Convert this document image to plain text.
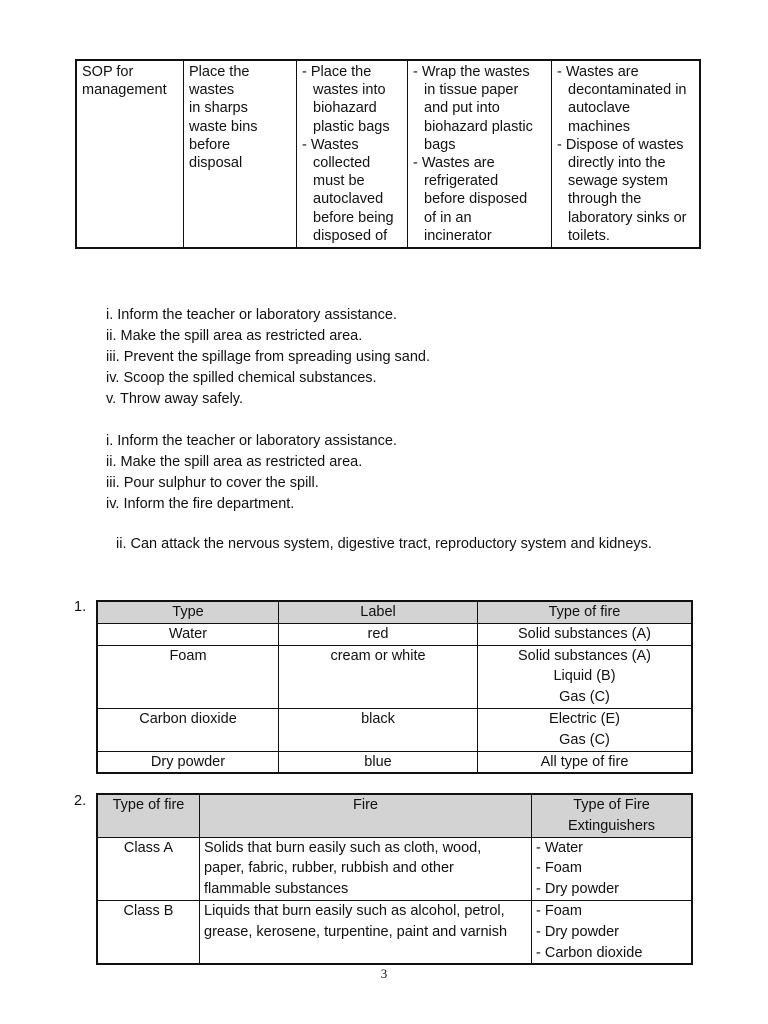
SOP for
management

Place the
wastes
in sharps
waste bins
before
disposal

- Place the
wastes into
biohazard
plastic bags
- Wastes
collected
must be
autoclaved
before being
disposed of

- Wrap the wastes
in tissue paper
and put into
biohazard plastic
bags
- Wastes are
refrigerated
before disposed
of in an
incinerator

- Wastes are
decontaminated in
autoclave
machines
- Dispose of wastes
directly into the
sewage system
through the
laboratory sinks or
toilets.
i. Inform the teacher or laboratory assistance.
ii. Make the spill area as restricted area.
iii. Prevent the spillage from spreading using sand.
iv. Scoop the spilled chemical substances.
v. Throw away safely.
i. Inform the teacher or laboratory assistance.
ii. Make the spill area as restricted area.
iii. Pour sulphur to cover the spill.
iv. Inform the fire department.

ii. Can attack the nervous system, digestive tract, reproductory system and kidneys.

1.	Type	Label	Type of fire
Water	red	Solid substances (A)

Foam	cream or white	Solid substances (A)
Liquid (B)
Gas (C)

Carbon dioxide	black	Electric (E)
Gas (C)

Dry powder	blue	All type of fire
2. Type of fire	Fire	Type of Fire
Extinguishers

Class A	Solids that burn easily such as cloth, wood,
paper, fabric, rubber, rubbish and other
flammable substances	- Water
- Foam
- Dry powder

Class B	Liquids that burn easily such as alcohol, petrol,
grease, kerosene, turpentine, paint and varnish	- Foam
- Dry powder
- Carbon dioxide
3
